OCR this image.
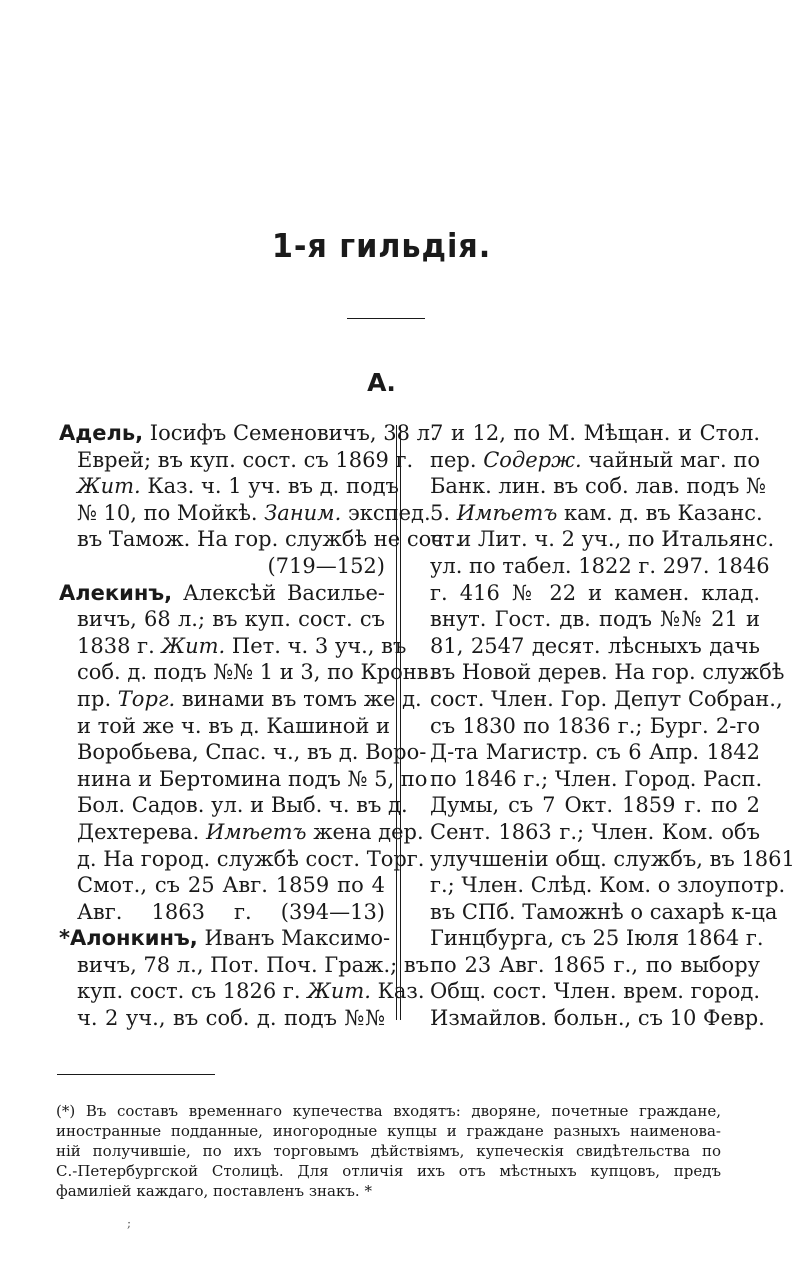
1-я гильдія.
А.
Адель, Іосифъ Семеновичъ, 38 л.
Еврей; въ куп. сост. съ 1869 г.
Жит. Каз. ч. 1 уч. въ д. подъ
№ 10, по Мойкѣ. Заним. экспед.
въ Тамож. На гор. службѣ не сост.
(719—152)
Алекинъ, Алексѣй Василье-
вичъ, 68 л.; въ куп. сост. съ
1838 г. Жит. Пет. ч. 3 уч., въ
соб. д. подъ №№ 1 и 3, по Кронв.
пр. Торг. винами въ томъ же д.
и той же ч. въ д. Кашиной и
Воробьева, Спас. ч., въ д. Воро-
нина и Бертомина подъ № 5, по
Бол. Садов. ул. и Выб. ч. въ д.
Дехтерева. Имѣетъ жена дер.
д. На город. службѣ сост. Торг.
Смот., съ 25 Авг. 1859 по 4
Авг. 1863 г. (394—13)
*Алонкинъ, Иванъ Максимо-
вичъ, 78 л., Пот. Поч. Граж.; въ
куп. сост. съ 1826 г. Жит. Каз.
ч. 2 уч., въ соб. д. подъ №№
7 и 12, по М. Мѣщан. и Стол.
пер. Содерж. чайный маг. по
Банк. лин. въ соб. лав. подъ №
5. Имѣетъ кам. д. въ Казанс.
ч. и Лит. ч. 2 уч., по Итальянс.
ул. по табел. 1822 г. 297. 1846
г. 416 № 22 и камен. клад.
внут. Гост. дв. подъ №№ 21 и
81, 2547 десят. лѣсныхъ дачь
въ Новой дерев. На гор. службѣ
сост. Член. Гор. Депут Собран.,
съ 1830 по 1836 г.; Бург. 2-го
Д-та Магистр. съ 6 Апр. 1842
по 1846 г.; Член. Город. Расп.
Думы, съ 7 Окт. 1859 г. по 2
Сент. 1863 г.; Член. Ком. объ
улучшеніи общ. службъ, въ 1861
г.; Член. Слѣд. Ком. о злоупотр.
въ СПб. Таможнѣ о сахарѣ к-ца
Гинцбурга, съ 25 Іюля 1864 г.
по 23 Авг. 1865 г., по выбору
Общ. сост. Член. врем. город.
Измайлов. больн., съ 10 Февр.
(*) Въ составъ временнаго купечества входятъ: дворяне, почетные граждане,
иностранные подданные, иногородные купцы и граждане разныхъ наименова-
ній получившіе, по ихъ торговымъ дѣйствіямъ, купеческія свидѣтельства по
С.-Петербургской Столицѣ. Для отличія ихъ отъ мѣстныхъ купцовъ, предъ
фамиліей каждаго, поставленъ знакъ. *
;
